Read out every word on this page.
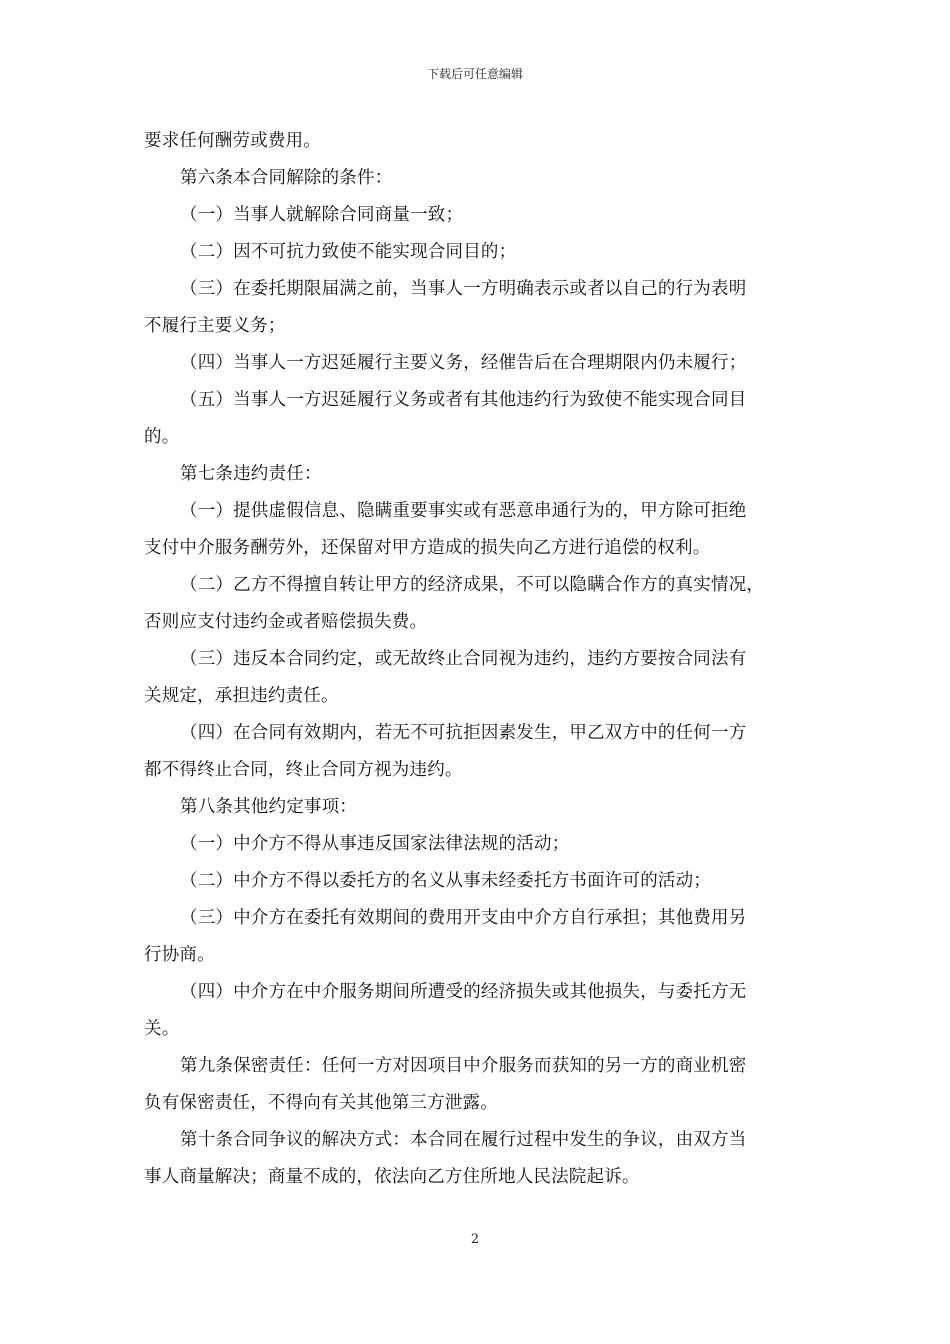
下载后可任意编辑
要求任何酬劳或费用。
第六条本合同解除的条件：
（一）当事人就解除合同商量一致；
（二）因不可抗力致使不能实现合同目的；
（三）在委托期限届满之前，当事人一方明确表示或者以自己的行为表明
不履行主要义务；
（四）当事人一方迟延履行主要义务，经催告后在合理期限内仍未履行；
（五）当事人一方迟延履行义务或者有其他违约行为致使不能实现合同目
的。
第七条违约责任：
（一）提供虚假信息、隐瞒重要事实或有恶意串通行为的，甲方除可拒绝
支付中介服务酬劳外，还保留对甲方造成的损失向乙方进行追偿的权利。
（二）乙方不得擅自转让甲方的经济成果，不可以隐瞒合作方的真实情况，
否则应支付违约金或者赔偿损失费。
（三）违反本合同约定，或无故终止合同视为违约，违约方要按合同法有
关规定，承担违约责任。
（四）在合同有效期内，若无不可抗拒因素发生，甲乙双方中的任何一方
都不得终止合同，终止合同方视为违约。
第八条其他约定事项：
（一）中介方不得从事违反国家法律法规的活动；
（二）中介方不得以委托方的名义从事未经委托方书面许可的活动；
（三）中介方在委托有效期间的费用开支由中介方自行承担；其他费用另
行协商。
（四）中介方在中介服务期间所遭受的经济损失或其他损失，与委托方无
关。
第九条保密责任：任何一方对因项目中介服务而获知的另一方的商业机密
负有保密责任，不得向有关其他第三方泄露。
第十条合同争议的解决方式：本合同在履行过程中发生的争议，由双方当
事人商量解决；商量不成的，依法向乙方住所地人民法院起诉。
2
